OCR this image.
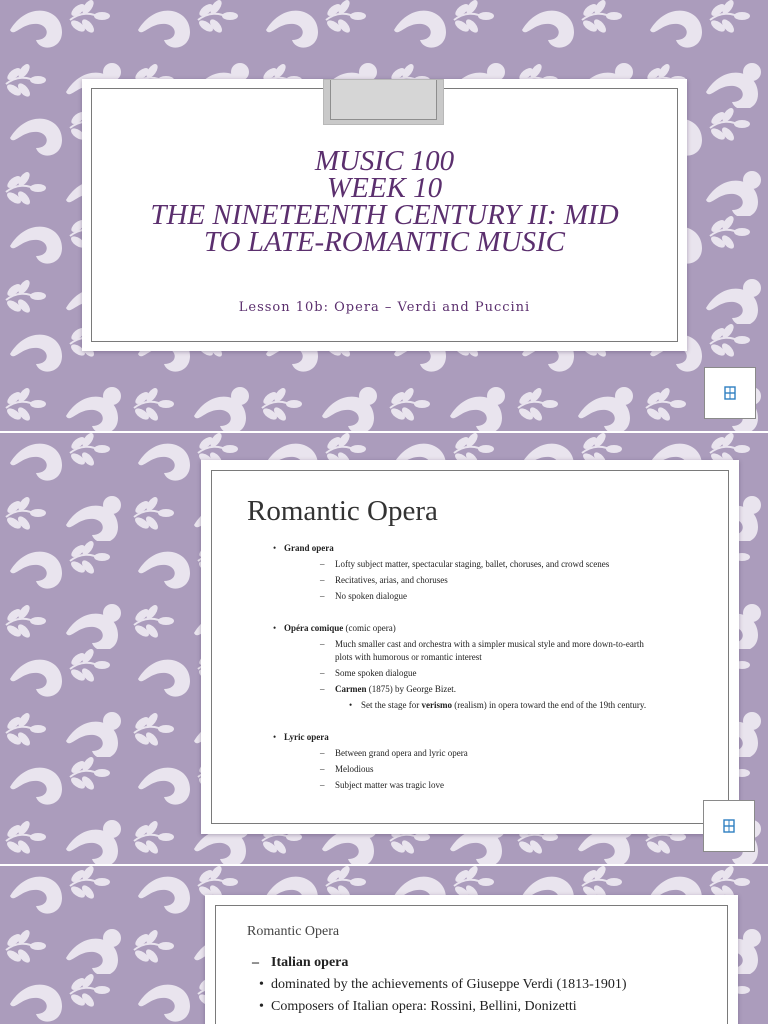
MUSIC 100
WEEK 10
THE NINETEENTH CENTURY II: MID
TO LATE-ROMANTIC MUSIC
Lesson 10b: Opera – Verdi and Puccini
Romantic Opera
• Grand opera
– Lofty subject matter, spectacular staging, ballet, choruses, and crowd scenes
– Recitatives, arias, and choruses
– No spoken dialogue
• Opéra comique (comic opera)
– Much smaller cast and orchestra with a simpler musical style and more down-to-earth
plots with humorous or romantic interest
– Some spoken dialogue
– Carmen (1875) by George Bizet.
• Set the stage for verismo (realism) in opera toward the end of the 19th century.
• Lyric opera
– Between grand opera and lyric opera
– Melodious
– Subject matter was tragic love
Romantic Opera
– Italian opera
• dominated by the achievements of Giuseppe Verdi (1813-1901)
• Composers of Italian opera: Rossini, Bellini, Donizetti
